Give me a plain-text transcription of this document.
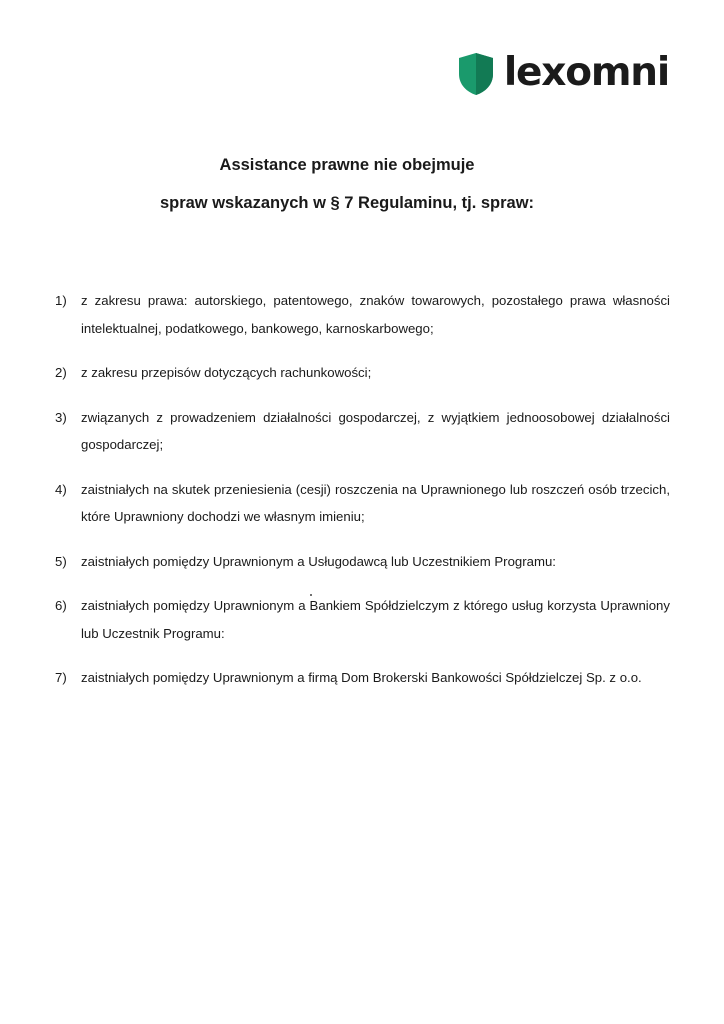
lexomni
Assistance prawne nie obejmuje
spraw wskazanych w § 7 Regulaminu, tj. spraw:
1) z zakresu prawa: autorskiego, patentowego, znaków towarowych, pozostałego prawa własności intelektualnej, podatkowego, bankowego, karnoskarbowego;
2) z zakresu przepisów dotyczących rachunkowości;
3) związanych z prowadzeniem działalności gospodarczej, z wyjątkiem jednoosobowej działalności gospodarczej;
4) zaistniałych na skutek przeniesienia (cesji) roszczenia na Uprawnionego lub roszczeń osób trzecich, które Uprawniony dochodzi we własnym imieniu;
5) zaistniałych pomiędzy Uprawnionym a Usługodawcą lub Uczestnikiem Programu:
6) zaistniałych pomiędzy Uprawnionym a Bankiem Spółdzielczym z którego usług korzysta Uprawniony lub Uczestnik Programu:
7) zaistniałych pomiędzy Uprawnionym a firmą Dom Brokerski Bankowości Spółdzielczej Sp. z o.o.
